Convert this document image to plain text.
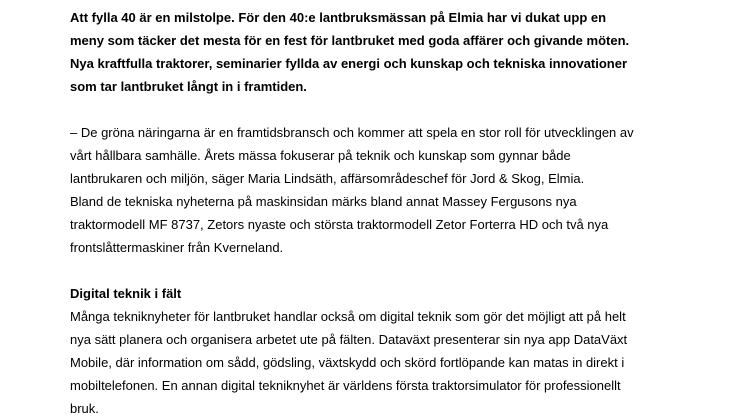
Att fylla 40 är en milstolpe. För den 40:e lantbruksmässan på Elmia har vi dukat upp en
meny som täcker det mesta för en fest för lantbruket med goda affärer och givande möten.
Nya kraftfulla traktorer, seminarier fyllda av energi och kunskap och tekniska innovationer
som tar lantbruket långt in i framtiden.

– De gröna näringarna är en framtidsbransch och kommer att spela en stor roll för utvecklingen av
vårt hållbara samhälle. Årets mässa fokuserar på teknik och kunskap som gynnar både
lantbrukaren och miljön, säger Maria Lindsäth, affärsområdeschef för Jord & Skog, Elmia.
Bland de tekniska nyheterna på maskinsidan märks bland annat Massey Fergusons nya
traktormodell MF 8737, Zetors nyaste och största traktormodell Zetor Forterra HD och två nya
frontslåttermaskiner från Kverneland.

Digital teknik i fält

Många tekniknyheter för lantbruket handlar också om digital teknik som gör det möjligt att på helt
nya sätt planera och organisera arbetet ute på fälten. Dataväxt presenterar sin nya app DataVäxt
Mobile, där information om sådd, gödsling, växtskydd och skörd fortlöpande kan matas in direkt i
mobiltelefonen. En annan digital tekniknyhet är världens första traktorsimulator för professionellt
bruk.
